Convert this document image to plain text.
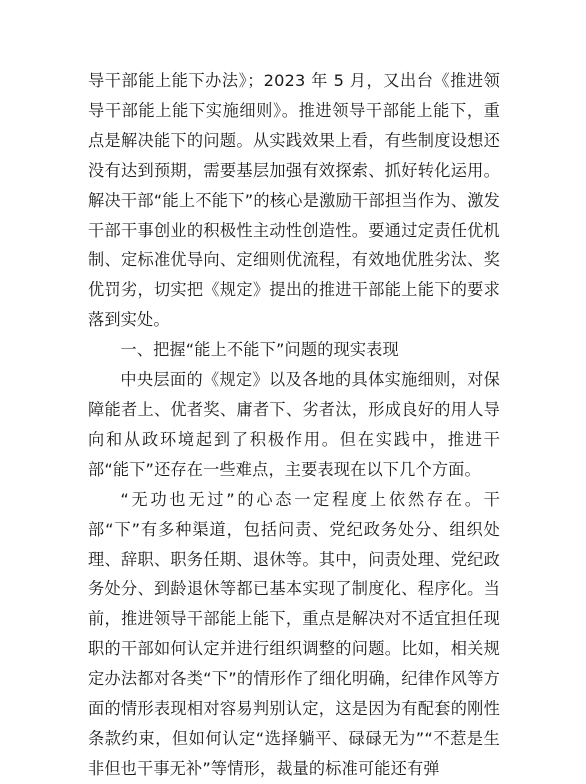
导干部能上能下办法》；2023 年 5 月，又出台《推进领导干部能上能下实施细则》。推进领导干部能上能下，重点是解决能下的问题。从实践效果上看，有些制度设想还没有达到预期，需要基层加强有效探索、抓好转化运用。解决干部“能上不能下”的核心是激励干部担当作为、激发干部干事创业的积极性主动性创造性。要通过定责任优机制、定标准优导向、定细则优流程，有效地优胜劣汰、奖优罚劣，切实把《规定》提出的推进干部能上能下的要求落到实处。

一、把握“能上不能下”问题的现实表现

中央层面的《规定》以及各地的具体实施细则，对保障能者上、优者奖、庸者下、劣者汰，形成良好的用人导向和从政环境起到了积极作用。但在实践中，推进干部“能下”还存在一些难点，主要表现在以下几个方面。

“无功也无过”的心态一定程度上依然存在。干部“下”有多种渠道，包括问责、党纪政务处分、组织处理、辞职、职务任期、退休等。其中，问责处理、党纪政务处分、到龄退休等都已基本实现了制度化、程序化。当前，推进领导干部能上能下，重点是解决对不适宜担任现职的干部如何认定并进行组织调整的问题。比如，相关规定办法都对各类“下”的情形作了细化明确，纪律作风等方面的情形表现相对容易判别认定，这是因为有配套的刚性条款约束，但如何认定“选择躺平、碌碌无为”“不惹是生非但也干事无补”等情形，裁量的标准可能还有弹
